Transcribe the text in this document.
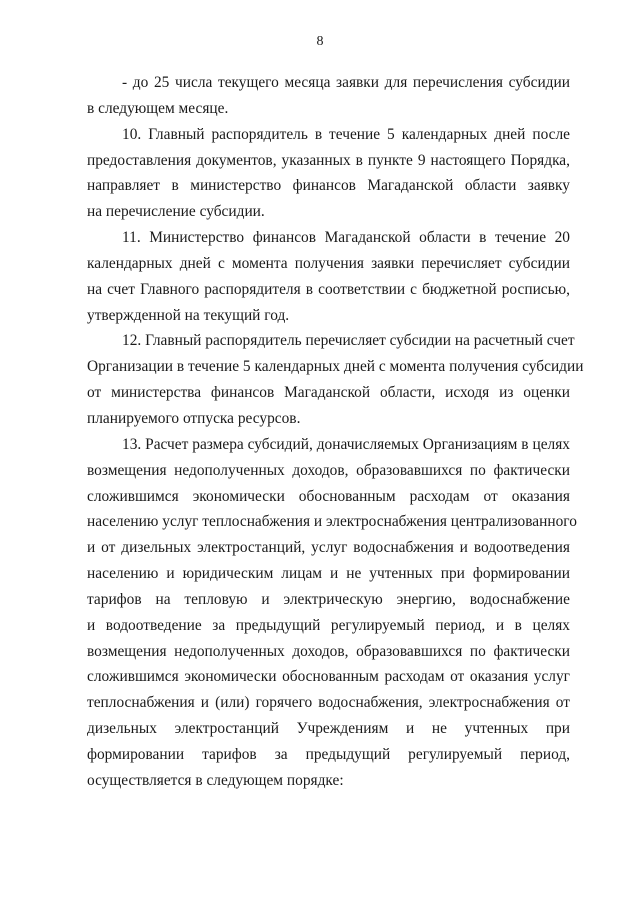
8

- до 25 числа текущего месяца заявки для перечисления субсидии
в следующем месяце.

10. Главный распорядитель в течение 5 календарных дней после
предоставления документов, указанных в пункте 9 настоящего Порядка,
направляет в министерство финансов Магаданской области заявку
на перечисление субсидии.

11. Министерство финансов Магаданской области в течение 20
календарных дней с момента получения заявки перечисляет субсидии
на счет Главного распорядителя в соответствии с бюджетной росписью,
утвержденной на текущий год.

12. Главный распорядитель перечисляет субсидии на расчетный счет
Организации в течение 5 календарных дней с момента получения субсидии
от министерства финансов Магаданской области, исходя из оценки
планируемого отпуска ресурсов.

13. Расчет размера субсидий, доначисляемых Организациям в целях
возмещения недополученных доходов, образовавшихся по фактически
сложившимся экономически обоснованным расходам от оказания
населению услуг теплоснабжения и электроснабжения централизованного
и от дизельных электростанций, услуг водоснабжения и водоотведения
населению и юридическим лицам и не учтенных при формировании
тарифов на тепловую и электрическую энергию, водоснабжение
и водоотведение за предыдущий регулируемый период, и в целях
возмещения недополученных доходов, образовавшихся по фактически
сложившимся экономически обоснованным расходам от оказания услуг
теплоснабжения и (или) горячего водоснабжения, электроснабжения от
дизельных электростанций Учреждениям и не учтенных при
формировании тарифов за предыдущий регулируемый период,
осуществляется в следующем порядке:
